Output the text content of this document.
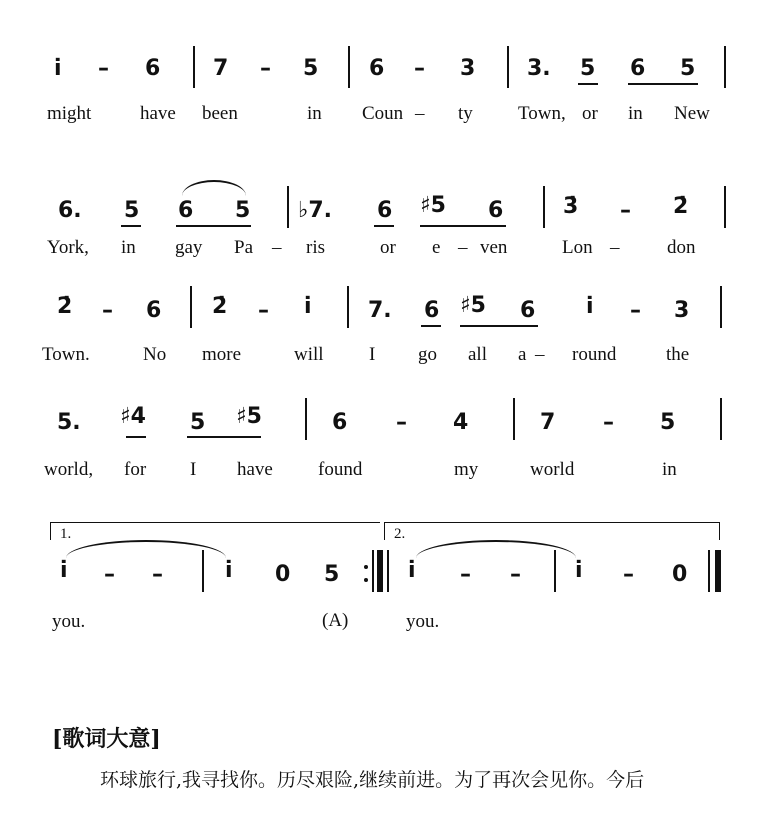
i̇ – 6 7 – 5 6 – 3 3. 5 6 5
might	have been	in Coun – ty Town, or in New
6. 5 6 5 ♭7. 6 ♯5 6	3̇ – 2̇
York, in gay Pa – ris	or e – ven	Lon –	don
2̇ – 6 2̇ – i̇	7. 6 ♯5 6 i̇ – 3
Town.	No more	will I go all a – round	the
5. ♯4 5 ♯5	6 – 4	7 – 5
world, for I have found	my	world	in
1.	2.
i̇ – –	i̇ 0 5	i̇ – – i̇ – 0
you.	(A)	you.
[歌词大意]
环球旅行,我寻找你。历尽艰险,继续前进。为了再次会见你。今后
